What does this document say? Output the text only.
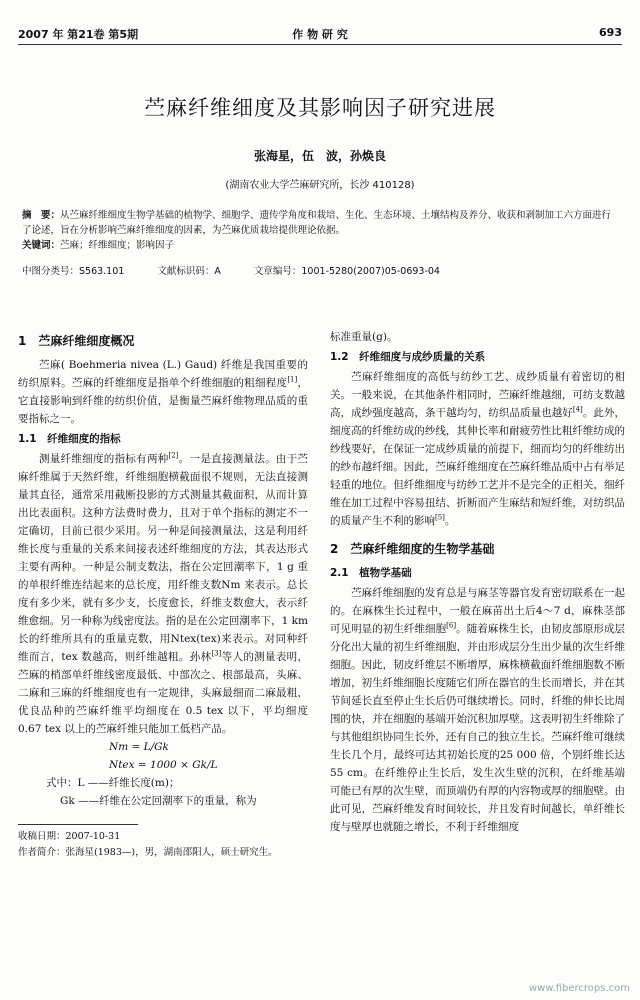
2007 年 第21卷 第5期	作 物 研 究	693
苎麻纤维细度及其影响因子研究进展
张海星，伍　波，孙焕良
(湖南农业大学苎麻研究所，长沙 410128)

摘　要：从苎麻纤维细度生物学基础的植物学、细胞学、遗传学角度和栽培、生化、生态环境、土壤结构及养分、收获和剥制加工六方面进行了论述，旨在分析影响苎麻纤维细度的因素，为苎麻优质栽培提供理论依据。

关键词：苎麻；纤维细度；影响因子

中图分类号：S563.101	文献标识码：A	文章编号：1001-5280(2007)05-0693-04
1　苎麻纤维细度概况

苎麻( Boehmeria nivea (L.) Gaud) 纤维是我国重要的纺织原料。苎麻的纤维细度是指单个纤维细胞的粗细程度[1]，它直接影响到纤维的纺织价值，是衡量苎麻纤维物理品质的重要指标之一。

1.1　纤维细度的指标

测量纤维细度的指标有两种[2]。一是直接测量法。由于苎麻纤维属于天然纤维，纤维细胞横截面很不规则，无法直接测量其直径，通常采用截断投影的方式测量其截面积，从而计算出比表面积。这种方法费时费力，且对于单个指标的测定不一定确切，目前已很少采用。另一种是间接测量法，这是利用纤维长度与重量的关系来间接表述纤维细度的方法，其表达形式主要有两种。一种是公制支数法，指在公定回潮率下，1 g 重的单根纤维连结起来的总长度，用纤维支数Nm 来表示。总长度有多少米，就有多少支，长度愈长，纤维支数愈大，表示纤维愈细。另一种称为线密度法。指的是在公定回潮率下，1 km 长的纤维所具有的重量克数，用Ntex(tex)来表示。对同种纤维而言，tex 数越高，则纤维越粗。孙林[3]等人的测量表明，苎麻的梢部单纤维线密度最低、中部次之、根部最高，头麻、二麻和三麻的纤维细度也有一定规律，头麻最细而二麻最粗，优良品种的苎麻纤维平均细度在 0.5 tex 以下，平均细度 0.67 tex 以上的苎麻纤维只能加工低档产品。

Nm = L/Gk

Ntex = 1000 × Gk/L

式中：L ——纤维长度(m)；

Gk ——纤维在公定回潮率下的重量，称为

收稿日期：2007-10-31

作者简介：张海星(1983—)，男，湖南邵阳人，硕士研究生。

标准重量(g)。

1.2　纤维细度与成纱质量的关系

苎麻纤维细度的高低与纺纱工艺、成纱质量有着密切的相关。一般来说，在其他条件相同时，苎麻纤维越细，可纺支数越高，成纱强度越高，条干越均匀，纺织品质量也越好[4]。此外，细度高的纤维纺成的纱线，其伸长率和耐疲劳性比粗纤维纺成的纱线要好，在保证一定成纱质量的前提下，细而均匀的纤维纺出的纱布越纤细。因此，苎麻纤维细度在苎麻纤维品质中占有举足轻重的地位。但纤维细度与纺纱工艺并不是完全的正相关，细纤维在加工过程中容易扭结、折断而产生麻结和短纤维，对纺织品的质量产生不利的影响[5]。

2　苎麻纤维细度的生物学基础
2.1　植物学基础

苎麻纤维细胞的发育总是与麻茎等器官发育密切联系在一起的。在麻株生长过程中，一般在麻苗出土后4～7 d，麻株茎部可见明显的初生纤维细胞[6]。随着麻株生长，由韧皮部原形成层分化出大量的初生纤维细胞，并由形成层分生出少量的次生纤维细胞。因此，韧皮纤维层不断增厚，麻株横截面纤维细胞数不断增加，初生纤维细胞长度随它们所在器官的生长而增长，并在其节间延长直至停止生长后仍可继续增长。同时，纤维的伸长比周围的快，并在细胞的基端开始沉积加厚壁。这表明初生纤维除了与其他组织协同生长外，还有自己的独立生长。苎麻纤维可继续生长几个月，最终可达其初始长度的25 000 倍，个别纤维长达55 cm。在纤维停止生长后，发生次生壁的沉积，在纤维基端可能已有厚的次生壁，而顶端仍有厚的内容物或厚的细胞壁。由此可见，苎麻纤维发育时间较长，并且发育时间越长，单纤维长度与壁厚也就随之增长，不利于纤维细度

www.fibercrops.com
